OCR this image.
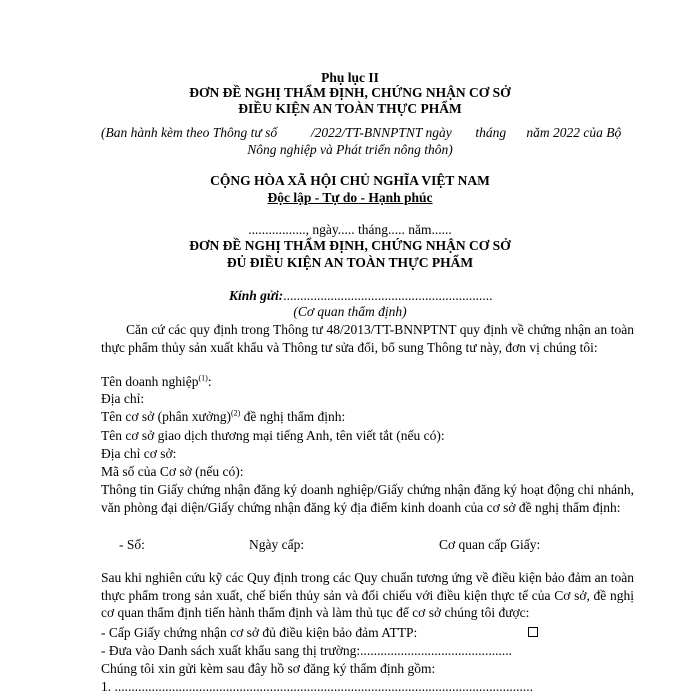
Phụ lục II
ĐƠN ĐỀ NGHỊ THẨM ĐỊNH, CHỨNG NHẬN CƠ SỞ
ĐIỀU KIỆN AN TOÀN THỰC PHẨM
(Ban hành kèm theo Thông tư số          /2022/TT-BNNPTNT ngày       tháng      năm 2022 của Bộ
Nông nghiệp và Phát triển nông thôn)
CỘNG HÒA XÃ HỘI CHỦ NGHĨA VIỆT NAM
Độc lập - Tự do - Hạnh phúc
................., ngày..... tháng..... năm......
ĐƠN ĐỀ NGHỊ THẨM ĐỊNH, CHỨNG NHẬN CƠ SỞ
ĐỦ ĐIỀU KIỆN AN TOÀN THỰC PHẨM
Kính gửi:..............................................................
(Cơ quan thẩm định)
Căn cứ các quy định trong Thông tư 48/2013/TT-BNNPTNT quy định về chứng nhận an toàn thực phẩm thủy sản xuất khẩu và Thông tư sửa đổi, bổ sung Thông tư này, đơn vị chúng tôi:
Tên doanh nghiệp$^{(1)}$:
Địa chỉ:
Tên cơ sở (phân xưởng)$^{(2)}$ đề nghị thẩm định:
Tên cơ sở giao dịch thương mại tiếng Anh, tên viết tắt (nếu có):
Địa chỉ cơ sở:
Mã số của Cơ sở (nếu có):
Thông tin Giấy chứng nhận đăng ký doanh nghiệp/Giấy chứng nhận đăng ký hoạt động chi nhánh, văn phòng đại diện/Giấy chứng nhận đăng ký địa điểm kinh doanh của cơ sở đề nghị thẩm định:
- Số:	Ngày cấp:	Cơ quan cấp Giấy:
Sau khi nghiên cứu kỹ các Quy định trong các Quy chuẩn tương ứng về điều kiện bảo đảm an toàn thực phẩm trong sản xuất, chế biến thủy sản và đối chiếu với điều kiện thực tế của Cơ sở, đề nghị cơ quan thẩm định tiến hành thẩm định và làm thủ tục để cơ sở chúng tôi được:
- Cấp Giấy chứng nhận cơ sở đủ điều kiện bảo đảm ATTP:
- Đưa vào Danh sách xuất khẩu sang thị trường:.............................................
Chúng tôi xin gửi kèm sau đây hồ sơ đăng ký thẩm định gồm:
1. ............................................................................................................................
